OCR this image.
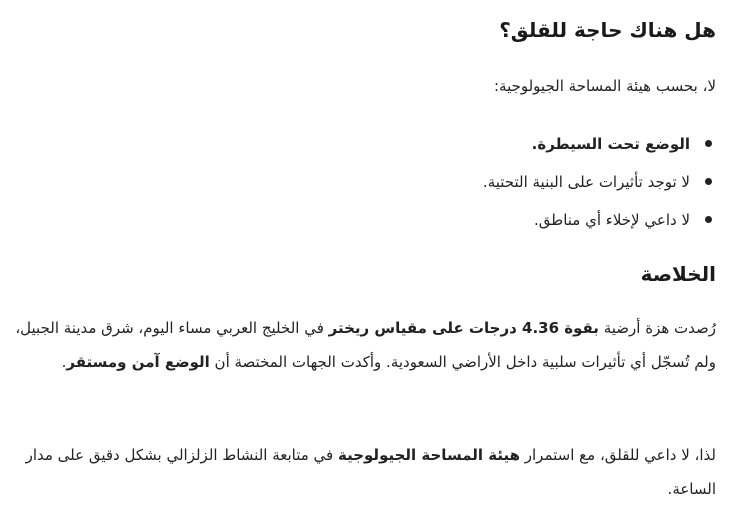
هل هناك حاجة للقلق؟

لا، بحسب هيئة المساحة الجيولوجية:

الوضع تحت السيطرة.
لا توجد تأثيرات على البنية التحتية.
لا داعي لإخلاء أي مناطق.
الخلاصة

رُصدت هزة أرضية بقوة 4.36 درجات على مقياس ريختر في الخليج العربي مساء اليوم، شرق مدينة الجبيل، ولم تُسجّل أي تأثيرات سلبية داخل الأراضي السعودية. وأكدت الجهات المختصة أن الوضع آمن ومستقر.

لذا، لا داعي للقلق، مع استمرار هيئة المساحة الجيولوجية في متابعة النشاط الزلزالي بشكل دقيق على مدار الساعة.
